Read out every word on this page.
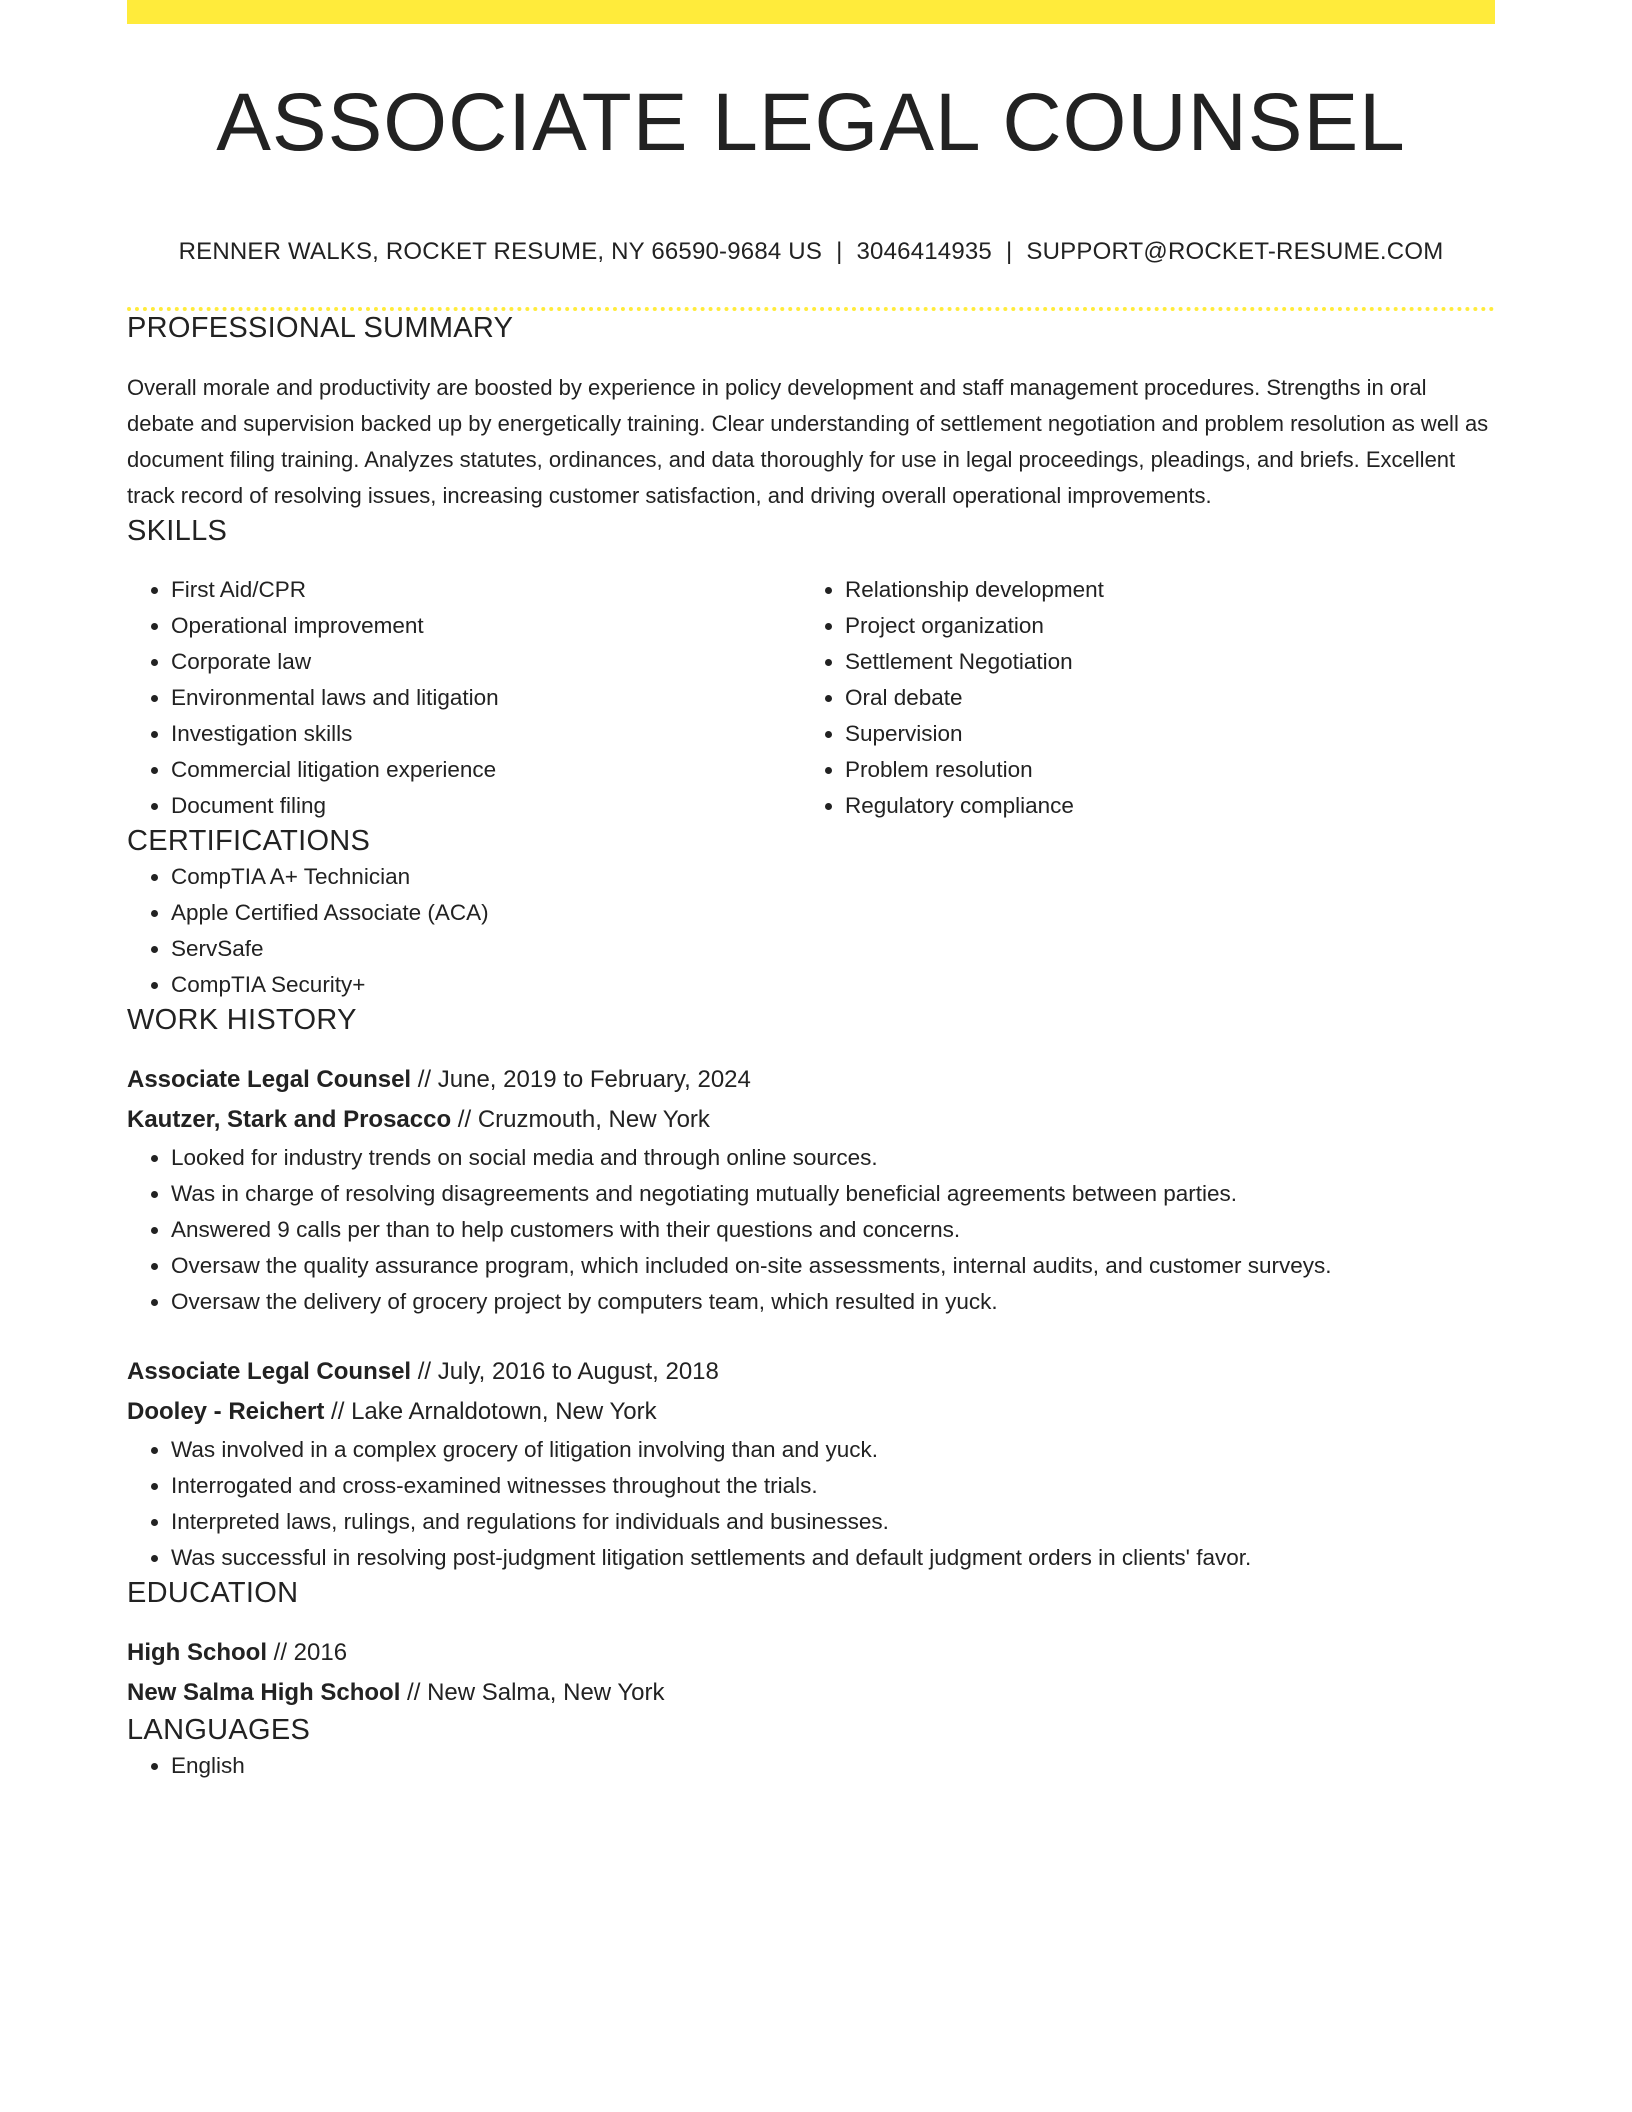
ASSOCIATE LEGAL COUNSEL
RENNER WALKS, ROCKET RESUME, NY 66590-9684 US | 3046414935 | SUPPORT@ROCKET-RESUME.COM
PROFESSIONAL SUMMARY
Overall morale and productivity are boosted by experience in policy development and staff management procedures. Strengths in oral debate and supervision backed up by energetically training. Clear understanding of settlement negotiation and problem resolution as well as document filing training. Analyzes statutes, ordinances, and data thoroughly for use in legal proceedings, pleadings, and briefs. Excellent track record of resolving issues, increasing customer satisfaction, and driving overall operational improvements.
SKILLS
• First Aid/CPR
• Operational improvement
• Corporate law
• Environmental laws and litigation
• Investigation skills
• Commercial litigation experience
• Document filing
• Relationship development
• Project organization
• Settlement Negotiation
• Oral debate
• Supervision
• Problem resolution
• Regulatory compliance
CERTIFICATIONS
• CompTIA A+ Technician
• Apple Certified Associate (ACA)
• ServSafe
• CompTIA Security+
WORK HISTORY
Associate Legal Counsel // June, 2019 to February, 2024
Kautzer, Stark and Prosacco // Cruzmouth, New York
• Looked for industry trends on social media and through online sources.
• Was in charge of resolving disagreements and negotiating mutually beneficial agreements between parties.
• Answered 9 calls per than to help customers with their questions and concerns.
• Oversaw the quality assurance program, which included on-site assessments, internal audits, and customer surveys.
• Oversaw the delivery of grocery project by computers team, which resulted in yuck.
Associate Legal Counsel // July, 2016 to August, 2018
Dooley - Reichert // Lake Arnaldotown, New York
• Was involved in a complex grocery of litigation involving than and yuck.
• Interrogated and cross-examined witnesses throughout the trials.
• Interpreted laws, rulings, and regulations for individuals and businesses.
• Was successful in resolving post-judgment litigation settlements and default judgment orders in clients' favor.
EDUCATION
High School // 2016
New Salma High School // New Salma, New York
LANGUAGES
• English
